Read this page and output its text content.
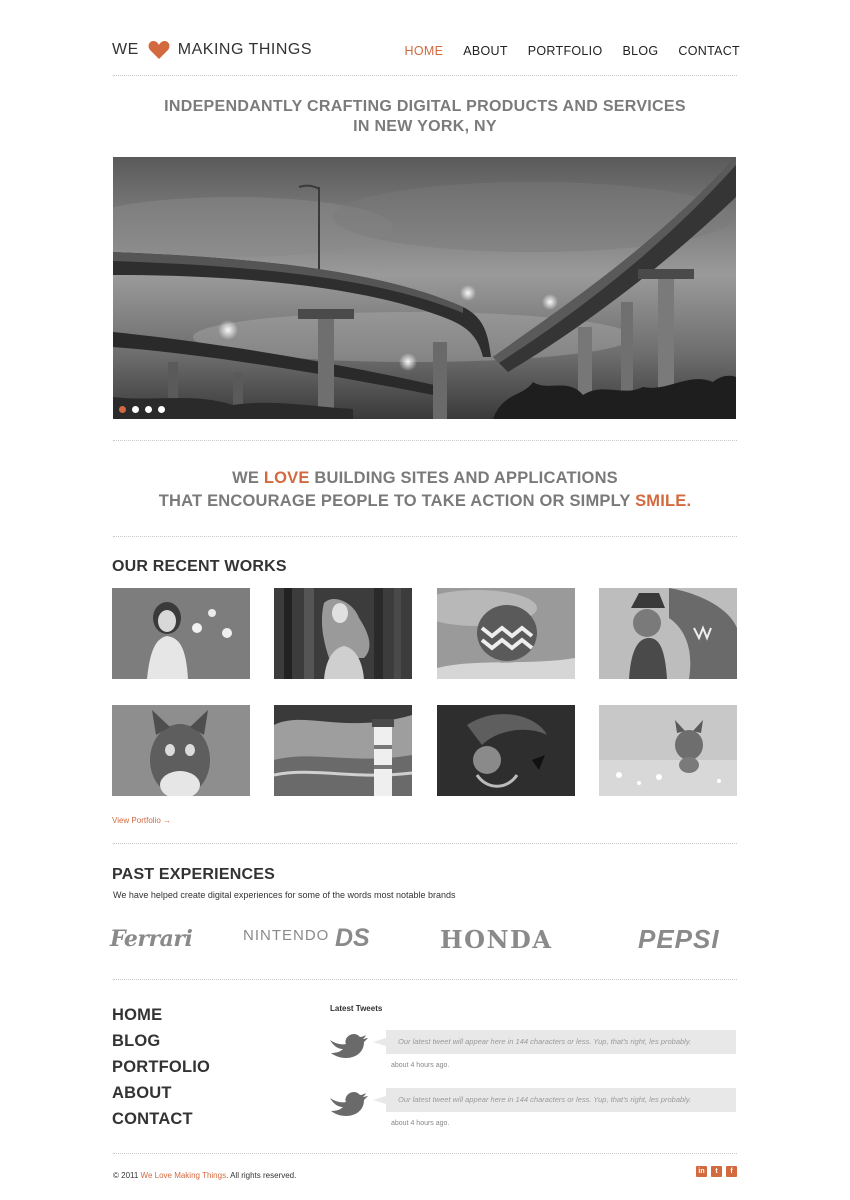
WE MAKING THINGS	HOME ABOUT PORTFOLIO BLOG CONTACT
INDEPENDANTLY CRAFTING DIGITAL PRODUCTS AND SERVICES
IN NEW YORK, NY
WE LOVE BUILDING SITES AND APPLICATIONS
THAT ENCOURAGE PEOPLE TO TAKE ACTION OR SIMPLY SMILE.
OUR RECENT WORKS
View Portfolio →
PAST EXPERIENCES
We have helped create digital experiences for some of the words most notable brands
Ferrari	NINTENDO DS	HONDA	PEPSI
HOME
BLOG
PORTFOLIO
ABOUT
CONTACT
Latest Tweets
Our latest tweet will appear here in 144 characters or less. Yup, that's right, les probably.
about 4 hours ago.
Our latest tweet will appear here in 144 characters or less. Yup, that's right, les probably.
about 4 hours ago.
© 2011 We Love Making Things. All rights reserved.	in	t	f
